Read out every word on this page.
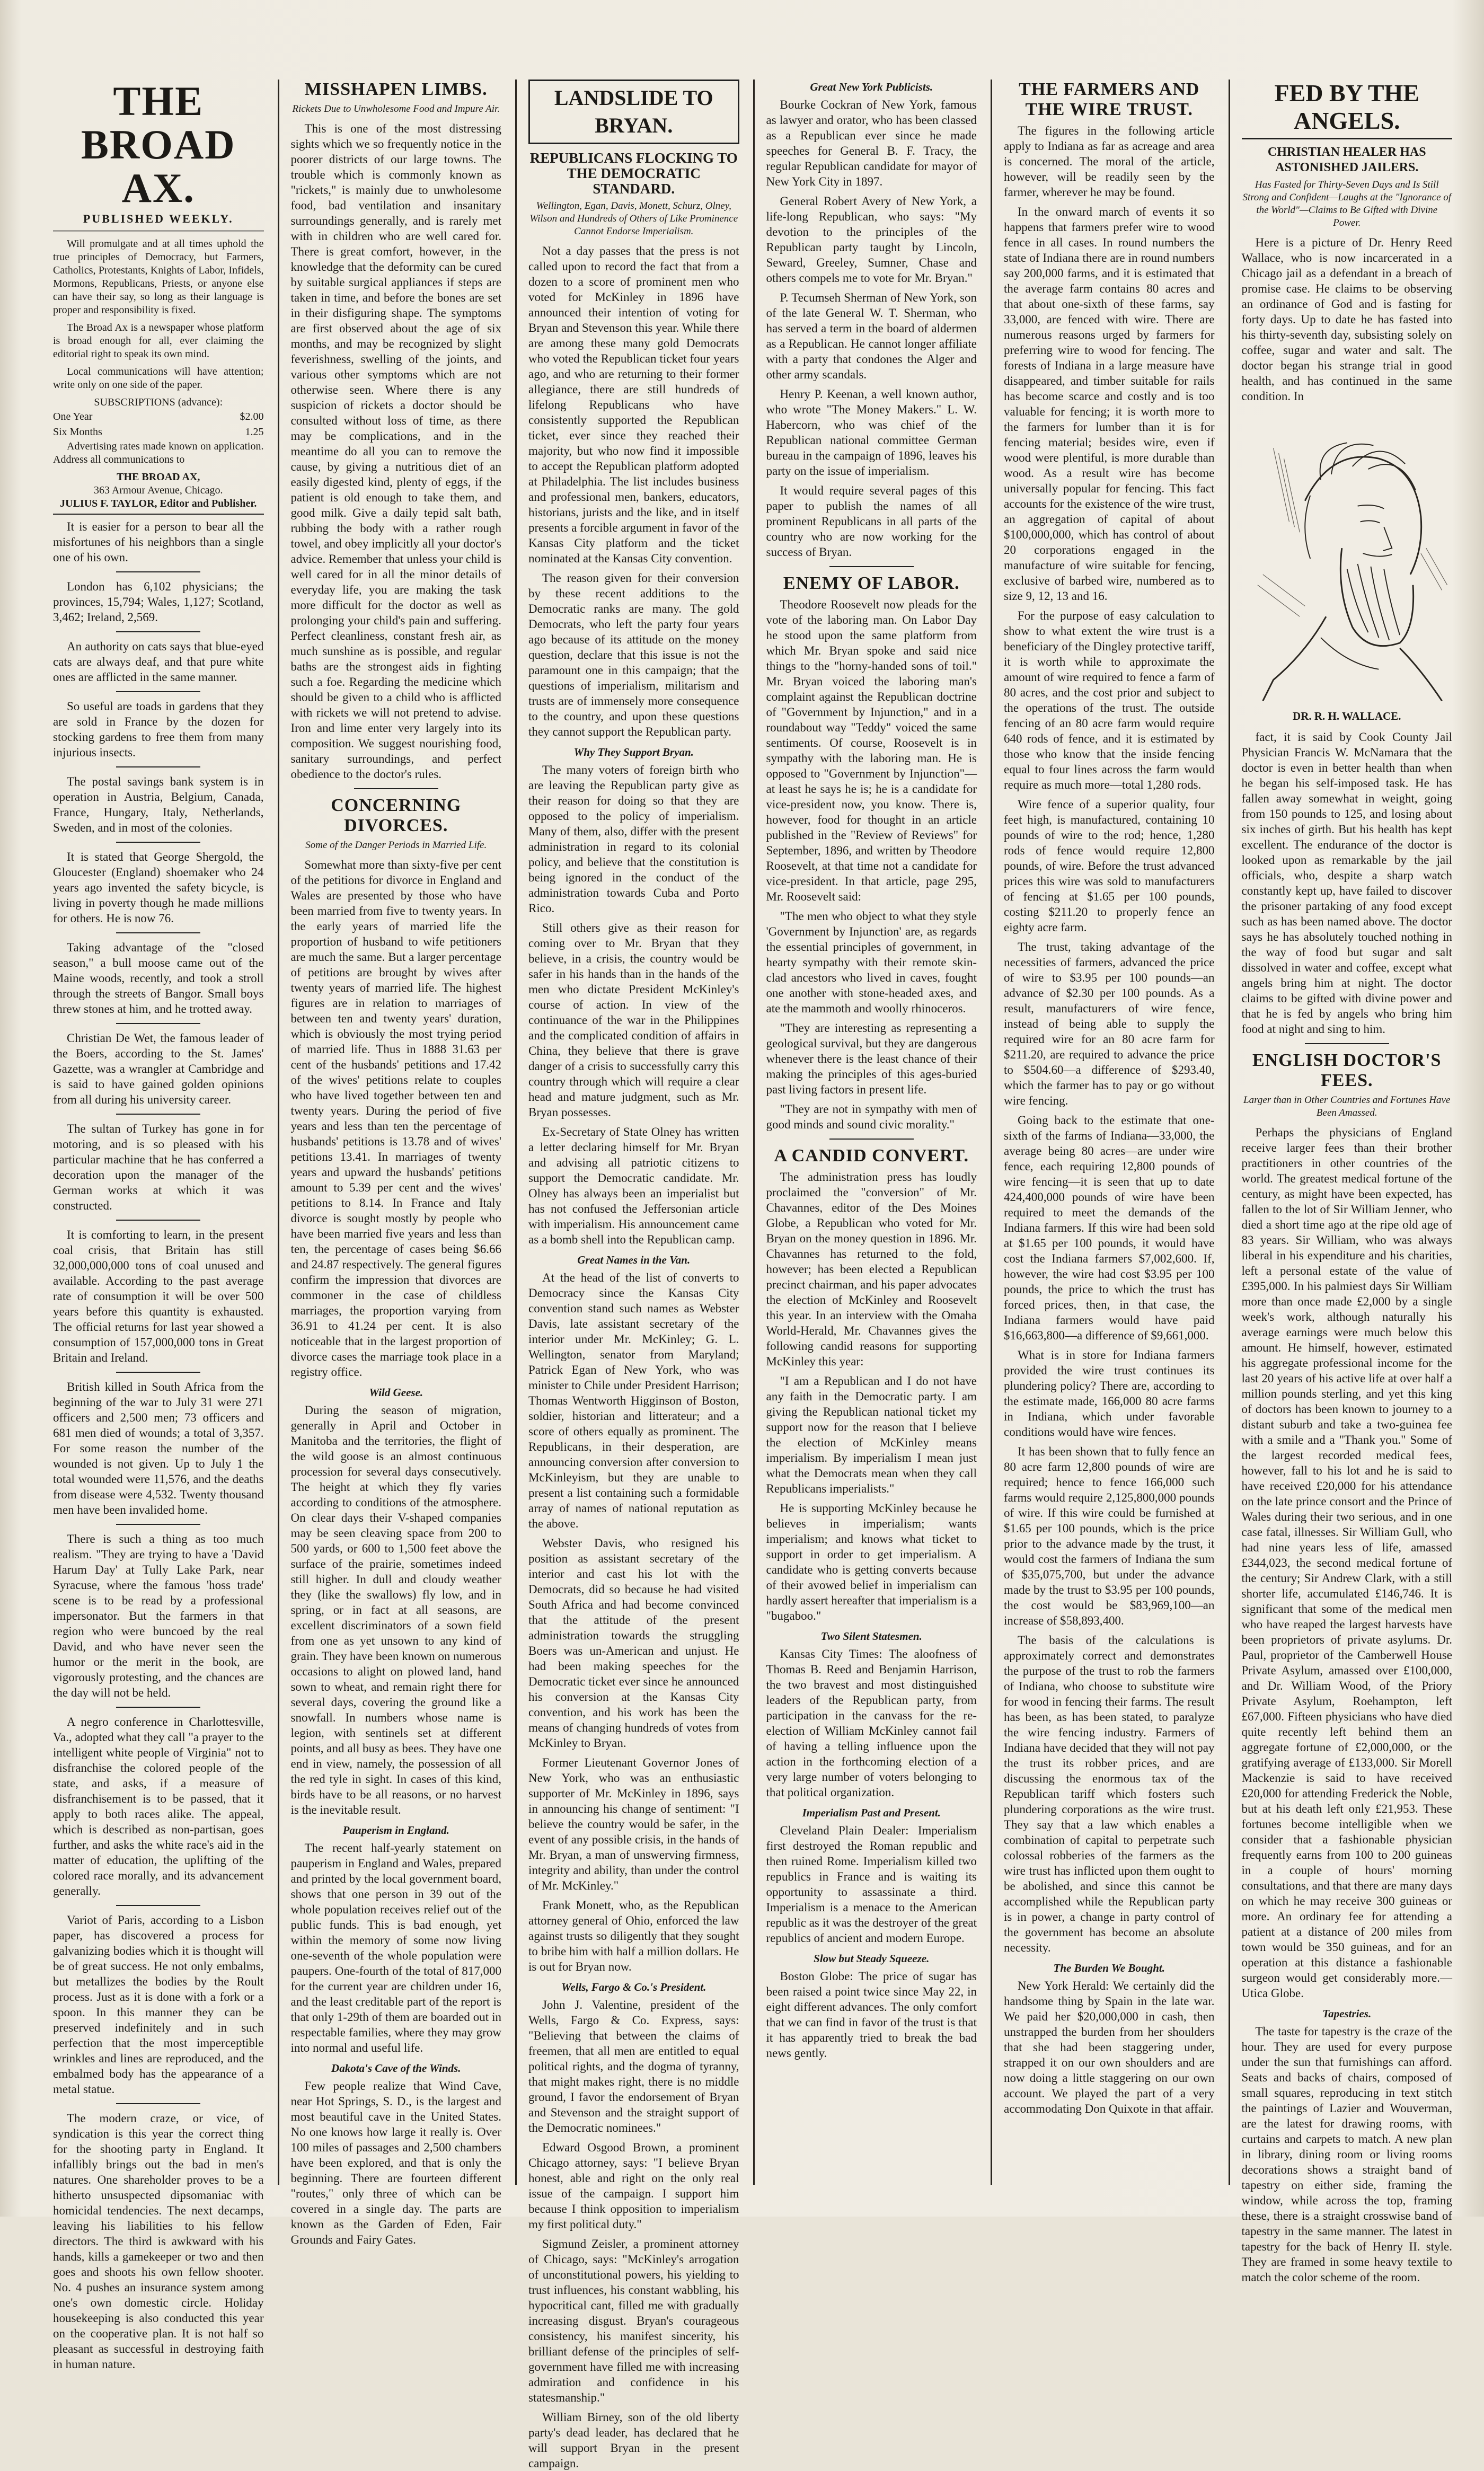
THE BROAD AX.
PUBLISHED WEEKLY.

Will promulgate and at all times uphold the true principles of Democracy, but Farmers, Catholics, Protestants, Knights of Labor, Infidels, Mormons, Republicans, Priests, or anyone else can have their say, so long as their language is proper and responsibility is fixed.

The Broad Ax is a newspaper whose platform is broad enough for all, ever claiming the editorial right to speak its own mind.

Local communications will have attention; write only on one side of the paper.

SUBSCRIPTIONS (advance):
One Year	$2.00
Six Months	1.25

Advertising rates made known on application. Address all communications to

THE BROAD AX,
363 Armour Avenue, Chicago.
JULIUS F. TAYLOR, Editor and Publisher.

It is easier for a person to bear all the misfortunes of his neighbors than a single one of his own.

London has 6,102 physicians; the provinces, 15,794; Wales, 1,127; Scotland, 3,462; Ireland, 2,569.

An authority on cats says that blue-eyed cats are always deaf, and that pure white ones are afflicted in the same manner.

So useful are toads in gardens that they are sold in France by the dozen for stocking gardens to free them from many injurious insects.

The postal savings bank system is in operation in Austria, Belgium, Canada, France, Hungary, Italy, Netherlands, Sweden, and in most of the colonies.

It is stated that George Shergold, the Gloucester (England) shoemaker who 24 years ago invented the safety bicycle, is living in poverty though he made millions for others. He is now 76.

Taking advantage of the "closed season," a bull moose came out of the Maine woods, recently, and took a stroll through the streets of Bangor. Small boys threw stones at him, and he trotted away.

Christian De Wet, the famous leader of the Boers, according to the St. James' Gazette, was a wrangler at Cambridge and is said to have gained golden opinions from all during his university career.

The sultan of Turkey has gone in for motoring, and is so pleased with his particular machine that he has conferred a decoration upon the manager of the German works at which it was constructed.

It is comforting to learn, in the present coal crisis, that Britain has still 32,000,000,000 tons of coal unused and available. According to the past average rate of consumption it will be over 500 years before this quantity is exhausted. The official returns for last year showed a consumption of 157,000,000 tons in Great Britain and Ireland.

British killed in South Africa from the beginning of the war to July 31 were 271 officers and 2,500 men; 73 officers and 681 men died of wounds; a total of 3,357. For some reason the number of the wounded is not given. Up to July 1 the total wounded were 11,576, and the deaths from disease were 4,532. Twenty thousand men have been invalided home.

There is such a thing as too much realism. "They are trying to have a 'David Harum Day' at Tully Lake Park, near Syracuse, where the famous 'hoss trade' scene is to be read by a professional impersonator. But the farmers in that region who were buncoed by the real David, and who have never seen the humor or the merit in the book, are vigorously protesting, and the chances are the day will not be held.

A negro conference in Charlottesville, Va., adopted what they call "a prayer to the intelligent white people of Virginia" not to disfranchise the colored people of the state, and asks, if a measure of disfranchisement is to be passed, that it apply to both races alike. The appeal, which is described as non-partisan, goes further, and asks the white race's aid in the matter of education, the uplifting of the colored race morally, and its advancement generally.

Variot of Paris, according to a Lisbon paper, has discovered a process for galvanizing bodies which it is thought will be of great success. He not only embalms, but metallizes the bodies by the Roult process. Just as it is done with a fork or a spoon. In this manner they can be preserved indefinitely and in such perfection that the most imperceptible wrinkles and lines are reproduced, and the embalmed body has the appearance of a metal statue.

The modern craze, or vice, of syndication is this year the correct thing for the shooting party in England. It infallibly brings out the bad in men's natures. One shareholder proves to be a hitherto unsuspected dipsomaniac with homicidal tendencies. The next decamps, leaving his liabilities to his fellow directors. The third is awkward with his hands, kills a gamekeeper or two and then goes and shoots his own fellow shooter. No. 4 pushes an insurance system among one's own domestic circle. Holiday housekeeping is also conducted this year on the cooperative plan. It is not half so pleasant as successful in destroying faith in human nature.

MISSHAPEN LIMBS.
Rickets Due to Unwholesome Food and Impure Air.

This is one of the most distressing sights which we so frequently notice in the poorer districts of our large towns. The trouble which is commonly known as "rickets," is mainly due to unwholesome food, bad ventilation and insanitary surroundings generally, and is rarely met with in children who are well cared for. There is great comfort, however, in the knowledge that the deformity can be cured by suitable surgical appliances if steps are taken in time, and before the bones are set in their disfiguring shape. The symptoms are first observed about the age of six months, and may be recognized by slight feverishness, swelling of the joints, and various other symptoms which are not otherwise seen. Where there is any suspicion of rickets a doctor should be consulted without loss of time, as there may be complications, and in the meantime do all you can to remove the cause, by giving a nutritious diet of an easily digested kind, plenty of eggs, if the patient is old enough to take them, and good milk. Give a daily tepid salt bath, rubbing the body with a rather rough towel, and obey implicitly all your doctor's advice. Remember that unless your child is well cared for in all the minor details of everyday life, you are making the task more difficult for the doctor as well as prolonging your child's pain and suffering. Perfect cleanliness, constant fresh air, as much sunshine as is possible, and regular baths are the strongest aids in fighting such a foe. Regarding the medicine which should be given to a child who is afflicted with rickets we will not pretend to advise. Iron and lime enter very largely into its composition. We suggest nourishing food, sanitary surroundings, and perfect obedience to the doctor's rules.

CONCERNING DIVORCES.
Some of the Danger Periods in Married Life.

Somewhat more than sixty-five per cent of the petitions for divorce in England and Wales are presented by those who have been married from five to twenty years. In the early years of married life the proportion of husband to wife petitioners are much the same. But a larger percentage of petitions are brought by wives after twenty years of married life. The highest figures are in relation to marriages of between ten and twenty years' duration, which is obviously the most trying period of married life. Thus in 1888 31.63 per cent of the husbands' petitions and 17.42 of the wives' petitions relate to couples who have lived together between ten and twenty years. During the period of five years and less than ten the percentage of husbands' petitions is 13.78 and of wives' petitions 13.41. In marriages of twenty years and upward the husbands' petitions amount to 5.39 per cent and the wives' petitions to 8.14. In France and Italy divorce is sought mostly by people who have been married five years and less than ten, the percentage of cases being $6.66 and 24.87 respectively. The general figures confirm the impression that divorces are commoner in the case of childless marriages, the proportion varying from 36.91 to 41.24 per cent. It is also noticeable that in the largest proportion of divorce cases the marriage took place in a registry office.

Wild Geese.

During the season of migration, generally in April and October in Manitoba and the territories, the flight of the wild goose is an almost continuous procession for several days consecutively. The height at which they fly varies according to conditions of the atmosphere. On clear days their V-shaped companies may be seen cleaving space from 200 to 500 yards, or 600 to 1,500 feet above the surface of the prairie, sometimes indeed still higher. In dull and cloudy weather they (like the swallows) fly low, and in spring, or in fact at all seasons, are excellent discriminators of a sown field from one as yet unsown to any kind of grain. They have been known on numerous occasions to alight on plowed land, hand sown to wheat, and remain right there for several days, covering the ground like a snowfall. In numbers whose name is legion, with sentinels set at different points, and all busy as bees. They have one end in view, namely, the possession of all the red tyle in sight. In cases of this kind, birds have to be all reasons, or no harvest is the inevitable result.

Pauperism in England.

The recent half-yearly statement on pauperism in England and Wales, prepared and printed by the local government board, shows that one person in 39 out of the whole population receives relief out of the public funds. This is bad enough, yet within the memory of some now living one-seventh of the whole population were paupers. One-fourth of the total of 817,000 for the current year are children under 16, and the least creditable part of the report is that only 1-29th of them are boarded out in respectable families, where they may grow into normal and useful life.

Dakota's Cave of the Winds.

Few people realize that Wind Cave, near Hot Springs, S. D., is the largest and most beautiful cave in the United States. No one knows how large it really is. Over 100 miles of passages and 2,500 chambers have been explored, and that is only the beginning. There are fourteen different "routes," only three of which can be covered in a single day. The parts are known as the Garden of Eden, Fair Grounds and Fairy Gates.

LANDSLIDE TO BRYAN.
REPUBLICANS FLOCKING TO THE DEMOCRATIC STANDARD.
Wellington, Egan, Davis, Monett, Schurz, Olney, Wilson and Hundreds of Others of Like Prominence Cannot Endorse Imperialism.

Not a day passes that the press is not called upon to record the fact that from a dozen to a score of prominent men who voted for McKinley in 1896 have announced their intention of voting for Bryan and Stevenson this year. While there are among these many gold Democrats who voted the Republican ticket four years ago, and who are returning to their former allegiance, there are still hundreds of lifelong Republicans who have consistently supported the Republican ticket, ever since they reached their majority, but who now find it impossible to accept the Republican platform adopted at Philadelphia. The list includes business and professional men, bankers, educators, historians, jurists and the like, and in itself presents a forcible argument in favor of the Kansas City platform and the ticket nominated at the Kansas City convention.

The reason given for their conversion by these recent additions to the Democratic ranks are many. The gold Democrats, who left the party four years ago because of its attitude on the money question, declare that this issue is not the paramount one in this campaign; that the questions of imperialism, militarism and trusts are of immensely more consequence to the country, and upon these questions they cannot support the Republican party.

Why They Support Bryan.

The many voters of foreign birth who are leaving the Republican party give as their reason for doing so that they are opposed to the policy of imperialism. Many of them, also, differ with the present administration in regard to its colonial policy, and believe that the constitution is being ignored in the conduct of the administration towards Cuba and Porto Rico.

Still others give as their reason for coming over to Mr. Bryan that they believe, in a crisis, the country would be safer in his hands than in the hands of the men who dictate President McKinley's course of action. In view of the continuance of the war in the Philippines and the complicated condition of affairs in China, they believe that there is grave danger of a crisis to successfully carry this country through which will require a clear head and mature judgment, such as Mr. Bryan possesses.

Ex-Secretary of State Olney has written a letter declaring himself for Mr. Bryan and advising all patriotic citizens to support the Democratic candidate. Mr. Olney has always been an imperialist but has not confused the Jeffersonian article with imperialism. His announcement came as a bomb shell into the Republican camp.

Great Names in the Van.

At the head of the list of converts to Democracy since the Kansas City convention stand such names as Webster Davis, late assistant secretary of the interior under Mr. McKinley; G. L. Wellington, senator from Maryland; Patrick Egan of New York, who was minister to Chile under President Harrison; Thomas Wentworth Higginson of Boston, soldier, historian and litterateur; and a score of others equally as prominent. The Republicans, in their desperation, are announcing conversion after conversion to McKinleyism, but they are unable to present a list containing such a formidable array of names of national reputation as the above.

Webster Davis, who resigned his position as assistant secretary of the interior and cast his lot with the Democrats, did so because he had visited South Africa and had become convinced that the attitude of the present administration towards the struggling Boers was un-American and unjust. He had been making speeches for the Democratic ticket ever since he announced his conversion at the Kansas City convention, and his work has been the means of changing hundreds of votes from McKinley to Bryan.

Former Lieutenant Governor Jones of New York, who was an enthusiastic supporter of Mr. McKinley in 1896, says in announcing his change of sentiment: "I believe the country would be safer, in the event of any possible crisis, in the hands of Mr. Bryan, a man of unswerving firmness, integrity and ability, than under the control of Mr. McKinley."

Frank Monett, who, as the Republican attorney general of Ohio, enforced the law against trusts so diligently that they sought to bribe him with half a million dollars. He is out for Bryan now.

Wells, Fargo & Co.'s President.

John J. Valentine, president of the Wells, Fargo & Co. Express, says: "Believing that between the claims of freemen, that all men are entitled to equal political rights, and the dogma of tyranny, that might makes right, there is no middle ground, I favor the endorsement of Bryan and Stevenson and the straight support of the Democratic nominees."

Edward Osgood Brown, a prominent Chicago attorney, says: "I believe Bryan honest, able and right on the only real issue of the campaign. I support him because I think opposition to imperialism my first political duty."

Sigmund Zeisler, a prominent attorney of Chicago, says: "McKinley's arrogation of unconstitutional powers, his yielding to trust influences, his constant wabbling, his hypocritical cant, filled me with gradually increasing disgust. Bryan's courageous consistency, his manifest sincerity, his brilliant defense of the principles of self-government have filled me with increasing admiration and confidence in his statesmanship."

William Birney, son of the old liberty party's dead leader, has declared that he will support Bryan in the present campaign.

Great New York Publicists.

Bourke Cockran of New York, famous as lawyer and orator, who has been classed as a Republican ever since he made speeches for General B. F. Tracy, the regular Republican candidate for mayor of New York City in 1897.

General Robert Avery of New York, a life-long Republican, who says: "My devotion to the principles of the Republican party taught by Lincoln, Seward, Greeley, Sumner, Chase and others compels me to vote for Mr. Bryan."

P. Tecumseh Sherman of New York, son of the late General W. T. Sherman, who has served a term in the board of aldermen as a Republican. He cannot longer affiliate with a party that condones the Alger and other army scandals.

Henry P. Keenan, a well known author, who wrote "The Money Makers." L. W. Habercorn, who was chief of the Republican national committee German bureau in the campaign of 1896, leaves his party on the issue of imperialism.

It would require several pages of this paper to publish the names of all prominent Republicans in all parts of the country who are now working for the success of Bryan.

ENEMY OF LABOR.

Theodore Roosevelt now pleads for the vote of the laboring man. On Labor Day he stood upon the same platform from which Mr. Bryan spoke and said nice things to the "horny-handed sons of toil." Mr. Bryan voiced the laboring man's complaint against the Republican doctrine of "Government by Injunction," and in a roundabout way "Teddy" voiced the same sentiments. Of course, Roosevelt is in sympathy with the laboring man. He is opposed to "Government by Injunction"—at least he says he is; he is a candidate for vice-president now, you know. There is, however, food for thought in an article published in the "Review of Reviews" for September, 1896, and written by Theodore Roosevelt, at that time not a candidate for vice-president. In that article, page 295, Mr. Roosevelt said:

"The men who object to what they style 'Government by Injunction' are, as regards the essential principles of government, in hearty sympathy with their remote skin-clad ancestors who lived in caves, fought one another with stone-headed axes, and ate the mammoth and woolly rhinoceros.

"They are interesting as representing a geological survival, but they are dangerous whenever there is the least chance of their making the principles of this ages-buried past living factors in present life.

"They are not in sympathy with men of good minds and sound civic morality."

A CANDID CONVERT.

The administration press has loudly proclaimed the "conversion" of Mr. Chavannes, editor of the Des Moines Globe, a Republican who voted for Mr. Bryan on the money question in 1896. Mr. Chavannes has returned to the fold, however; has been elected a Republican precinct chairman, and his paper advocates the election of McKinley and Roosevelt this year. In an interview with the Omaha World-Herald, Mr. Chavannes gives the following candid reasons for supporting McKinley this year:

"I am a Republican and I do not have any faith in the Democratic party. I am giving the Republican national ticket my support now for the reason that I believe the election of McKinley means imperialism. By imperialism I mean just what the Democrats mean when they call Republicans imperialists."

He is supporting McKinley because he believes in imperialism; wants imperialism; and knows what ticket to support in order to get imperialism. A candidate who is getting converts because of their avowed belief in imperialism can hardly assert hereafter that imperialism is a "bugaboo."

Two Silent Statesmen.

Kansas City Times: The aloofness of Thomas B. Reed and Benjamin Harrison, the two bravest and most distinguished leaders of the Republican party, from participation in the canvass for the re-election of William McKinley cannot fail of having a telling influence upon the action in the forthcoming election of a very large number of voters belonging to that political organization.

Imperialism Past and Present.

Cleveland Plain Dealer: Imperialism first destroyed the Roman republic and then ruined Rome. Imperialism killed two republics in France and is waiting its opportunity to assassinate a third. Imperialism is a menace to the American republic as it was the destroyer of the great republics of ancient and modern Europe.

Slow but Steady Squeeze.

Boston Globe: The price of sugar has been raised a point twice since May 22, in eight different advances. The only comfort that we can find in favor of the trust is that it has apparently tried to break the bad news gently.

THE FARMERS AND THE WIRE TRUST.

The figures in the following article apply to Indiana as far as acreage and area is concerned. The moral of the article, however, will be readily seen by the farmer, wherever he may be found.

In the onward march of events it so happens that farmers prefer wire to wood fence in all cases. In round numbers the state of Indiana there are in round numbers say 200,000 farms, and it is estimated that the average farm contains 80 acres and that about one-sixth of these farms, say 33,000, are fenced with wire. There are numerous reasons urged by farmers for preferring wire to wood for fencing. The forests of Indiana in a large measure have disappeared, and timber suitable for rails has become scarce and costly and is too valuable for fencing; it is worth more to the farmers for lumber than it is for fencing material; besides wire, even if wood were plentiful, is more durable than wood. As a result wire has become universally popular for fencing. This fact accounts for the existence of the wire trust, an aggregation of capital of about $100,000,000, which has control of about 20 corporations engaged in the manufacture of wire suitable for fencing, exclusive of barbed wire, numbered as to size 9, 12, 13 and 16.

For the purpose of easy calculation to show to what extent the wire trust is a beneficiary of the Dingley protective tariff, it is worth while to approximate the amount of wire required to fence a farm of 80 acres, and the cost prior and subject to the operations of the trust. The outside fencing of an 80 acre farm would require 640 rods of fence, and it is estimated by those who know that the inside fencing equal to four lines across the farm would require as much more—total 1,280 rods.

Wire fence of a superior quality, four feet high, is manufactured, containing 10 pounds of wire to the rod; hence, 1,280 rods of fence would require 12,800 pounds, of wire. Before the trust advanced prices this wire was sold to manufacturers of fencing at $1.65 per 100 pounds, costing $211.20 to properly fence an eighty acre farm.

The trust, taking advantage of the necessities of farmers, advanced the price of wire to $3.95 per 100 pounds—an advance of $2.30 per 100 pounds. As a result, manufacturers of wire fence, instead of being able to supply the required wire for an 80 acre farm for $211.20, are required to advance the price to $504.60—a difference of $293.40, which the farmer has to pay or go without wire fencing.

Going back to the estimate that one-sixth of the farms of Indiana—33,000, the average being 80 acres—are under wire fence, each requiring 12,800 pounds of wire fencing—it is seen that up to date 424,400,000 pounds of wire have been required to meet the demands of the Indiana farmers. If this wire had been sold at $1.65 per 100 pounds, it would have cost the Indiana farmers $7,002,600. If, however, the wire had cost $3.95 per 100 pounds, the price to which the trust has forced prices, then, in that case, the Indiana farmers would have paid $16,663,800—a difference of $9,661,000.

What is in store for Indiana farmers provided the wire trust continues its plundering policy? There are, according to the estimate made, 166,000 80 acre farms in Indiana, which under favorable conditions would have wire fences.

It has been shown that to fully fence an 80 acre farm 12,800 pounds of wire are required; hence to fence 166,000 such farms would require 2,125,800,000 pounds of wire. If this wire could be furnished at $1.65 per 100 pounds, which is the price prior to the advance made by the trust, it would cost the farmers of Indiana the sum of $35,075,700, but under the advance made by the trust to $3.95 per 100 pounds, the cost would be $83,969,100—an increase of $58,893,400.

The basis of the calculations is approximately correct and demonstrates the purpose of the trust to rob the farmers of Indiana, who choose to substitute wire for wood in fencing their farms. The result has been, as has been stated, to paralyze the wire fencing industry. Farmers of Indiana have decided that they will not pay the trust its robber prices, and are discussing the enormous tax of the Republican tariff which fosters such plundering corporations as the wire trust. They say that a law which enables a combination of capital to perpetrate such colossal robberies of the farmers as the wire trust has inflicted upon them ought to be abolished, and since this cannot be accomplished while the Republican party is in power, a change in party control of the government has become an absolute necessity.

The Burden We Bought.

New York Herald: We certainly did the handsome thing by Spain in the late war. We paid her $20,000,000 in cash, then unstrapped the burden from her shoulders that she had been staggering under, strapped it on our own shoulders and are now doing a little staggering on our own account. We played the part of a very accommodating Don Quixote in that affair.

FED BY THE ANGELS.
CHRISTIAN HEALER HAS ASTONISHED JAILERS.
Has Fasted for Thirty-Seven Days and Is Still Strong and Confident—Laughs at the "Ignorance of the World"—Claims to Be Gifted with Divine Power.

Here is a picture of Dr. Henry Reed Wallace, who is now incarcerated in a Chicago jail as a defendant in a breach of promise case. He claims to be observing an ordinance of God and is fasting for forty days. Up to date he has fasted into his thirty-seventh day, subsisting solely on coffee, sugar and water and salt. The doctor began his strange trial in good health, and has continued in the same condition. In

DR. R. H. WALLACE.

fact, it is said by Cook County Jail Physician Francis W. McNamara that the doctor is even in better health than when he began his self-imposed task. He has fallen away somewhat in weight, going from 150 pounds to 125, and losing about six inches of girth. But his health has kept excellent. The endurance of the doctor is looked upon as remarkable by the jail officials, who, despite a sharp watch constantly kept up, have failed to discover the prisoner partaking of any food except such as has been named above. The doctor says he has absolutely touched nothing in the way of food but sugar and salt dissolved in water and coffee, except what angels bring him at night. The doctor claims to be gifted with divine power and that he is fed by angels who bring him food at night and sing to him.

ENGLISH DOCTOR'S FEES.
Larger than in Other Countries and Fortunes Have Been Amassed.

Perhaps the physicians of England receive larger fees than their brother practitioners in other countries of the world. The greatest medical fortune of the century, as might have been expected, has fallen to the lot of Sir William Jenner, who died a short time ago at the ripe old age of 83 years. Sir William, who was always liberal in his expenditure and his charities, left a personal estate of the value of £395,000. In his palmiest days Sir William more than once made £2,000 by a single week's work, although naturally his average earnings were much below this amount. He himself, however, estimated his aggregate professional income for the last 20 years of his active life at over half a million pounds sterling, and yet this king of doctors has been known to journey to a distant suburb and take a two-guinea fee with a smile and a "Thank you." Some of the largest recorded medical fees, however, fall to his lot and he is said to have received £20,000 for his attendance on the late prince consort and the Prince of Wales during their two serious, and in one case fatal, illnesses. Sir William Gull, who had nine years less of life, amassed £344,023, the second medical fortune of the century; Sir Andrew Clark, with a still shorter life, accumulated £146,746. It is significant that some of the medical men who have reaped the largest harvests have been proprietors of private asylums. Dr. Paul, proprietor of the Camberwell House Private Asylum, amassed over £100,000, and Dr. William Wood, of the Priory Private Asylum, Roehampton, left £67,000. Fifteen physicians who have died quite recently left behind them an aggregate fortune of £2,000,000, or the gratifying average of £133,000. Sir Morell Mackenzie is said to have received £20,000 for attending Frederick the Noble, but at his death left only £21,953. These fortunes become intelligible when we consider that a fashionable physician frequently earns from 100 to 200 guineas in a couple of hours' morning consultations, and that there are many days on which he may receive 300 guineas or more. An ordinary fee for attending a patient at a distance of 200 miles from town would be 350 guineas, and for an operation at this distance a fashionable surgeon would get considerably more.—Utica Globe.

Tapestries.

The taste for tapestry is the craze of the hour. They are used for every purpose under the sun that furnishings can afford. Seats and backs of chairs, composed of small squares, reproducing in text stitch the paintings of Lazier and Wouverman, are the latest for drawing rooms, with curtains and carpets to match. A new plan in library, dining room or living rooms decorations shows a straight band of tapestry on either side, framing the window, while across the top, framing these, there is a straight crosswise band of tapestry in the same manner. The latest in tapestry for the back of Henry II. style. They are framed in some heavy textile to match the color scheme of the room.
